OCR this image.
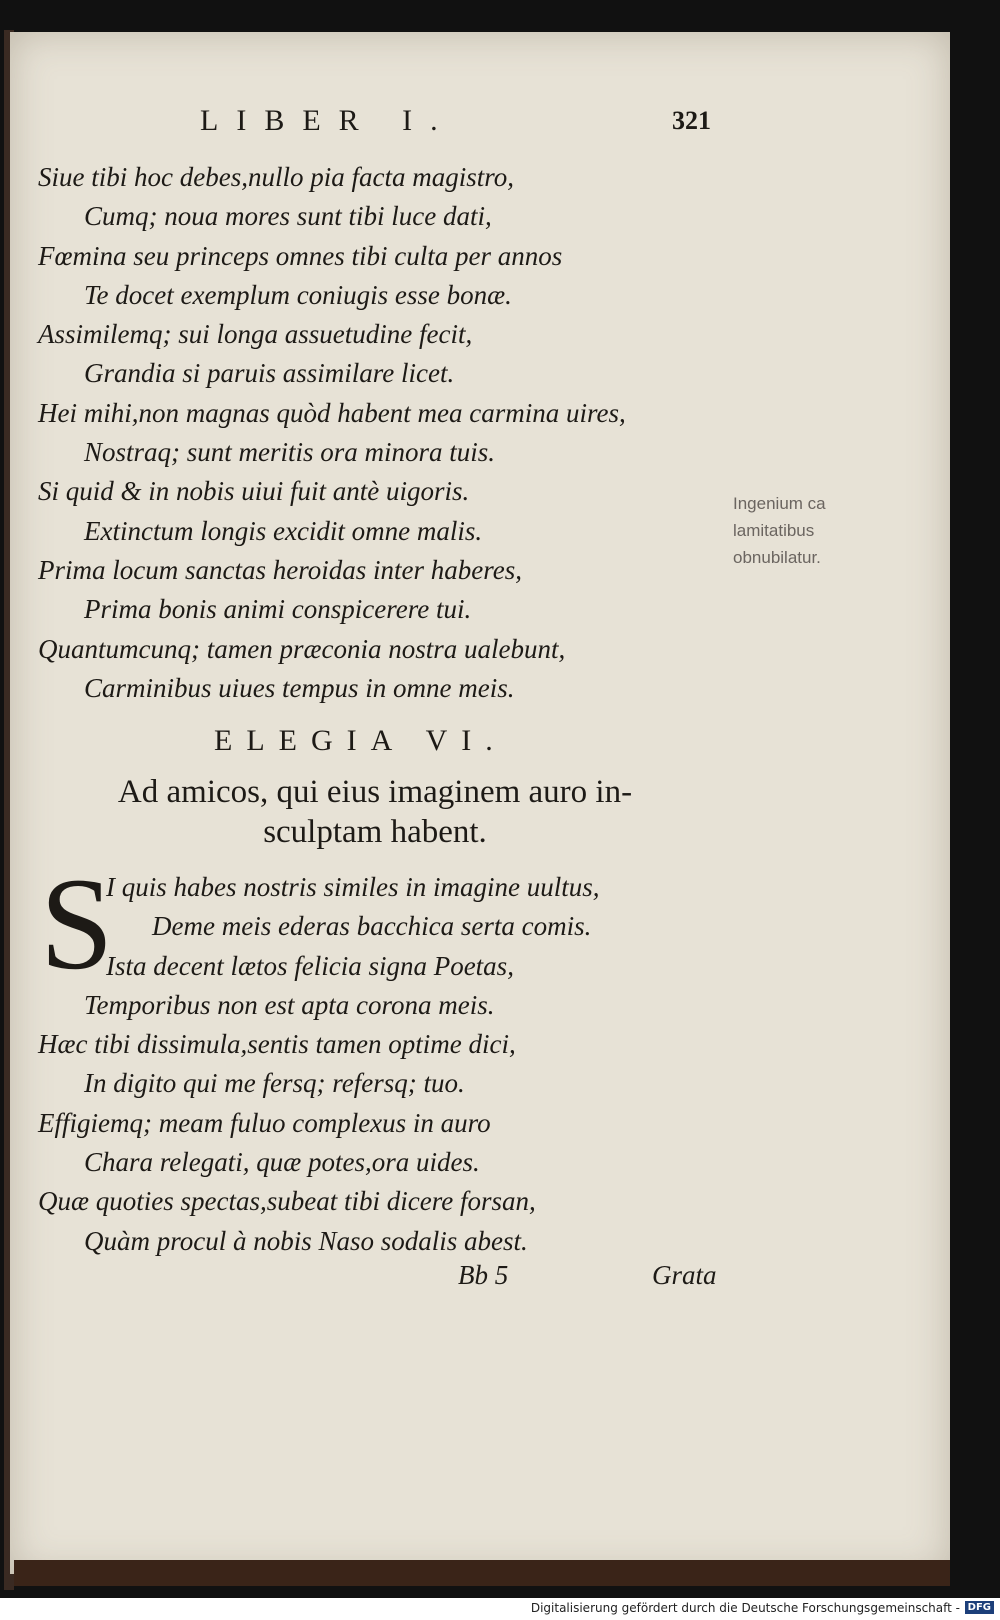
LIBER I.	321
Siue tibi hoc debes,nullo pia facta magistro,
Cumq; noua mores sunt tibi luce dati,
Fœmina seu princeps omnes tibi culta per annos
Te docet exemplum coniugis esse bonæ.
Assimilemq; sui longa assuetudine fecit,
Grandia si paruis assimilare licet.
Hei mihi,non magnas quòd habent mea carmina uires,
Nostraq; sunt meritis ora minora tuis.
Si quid & in nobis uiui fuit antè uigoris.
Extinctum longis excidit omne malis.
Prima locum sanctas heroidas inter haberes,
Prima bonis animi conspicerere tui.
Quantumcunq; tamen præconia nostra ualebunt,
Carminibus uiues tempus in omne meis.
Ingenium ca
lamitatibus
obnubilatur.
ELEGIA VI.
Ad amicos, qui eius imaginem auro in-
sculptam habent.
S
I quis habes nostris similes in imagine uultus,
Deme meis ederas bacchica serta comis.
Ista decent lætos felicia signa Poetas,
Temporibus non est apta corona meis.
Hæc tibi dissimula,sentis tamen optime dici,
In digito qui me fersq; refersq; tuo.
Effigiemq; meam fuluo complexus in auro
Chara relegati, quæ potes,ora uides.
Quæ quoties spectas,subeat tibi dicere forsan,
Quàm procul à nobis Naso sodalis abest.
Bb 5	Grata
Digitalisierung gefördert durch die Deutsche Forschungsgemeinschaft - DFG
